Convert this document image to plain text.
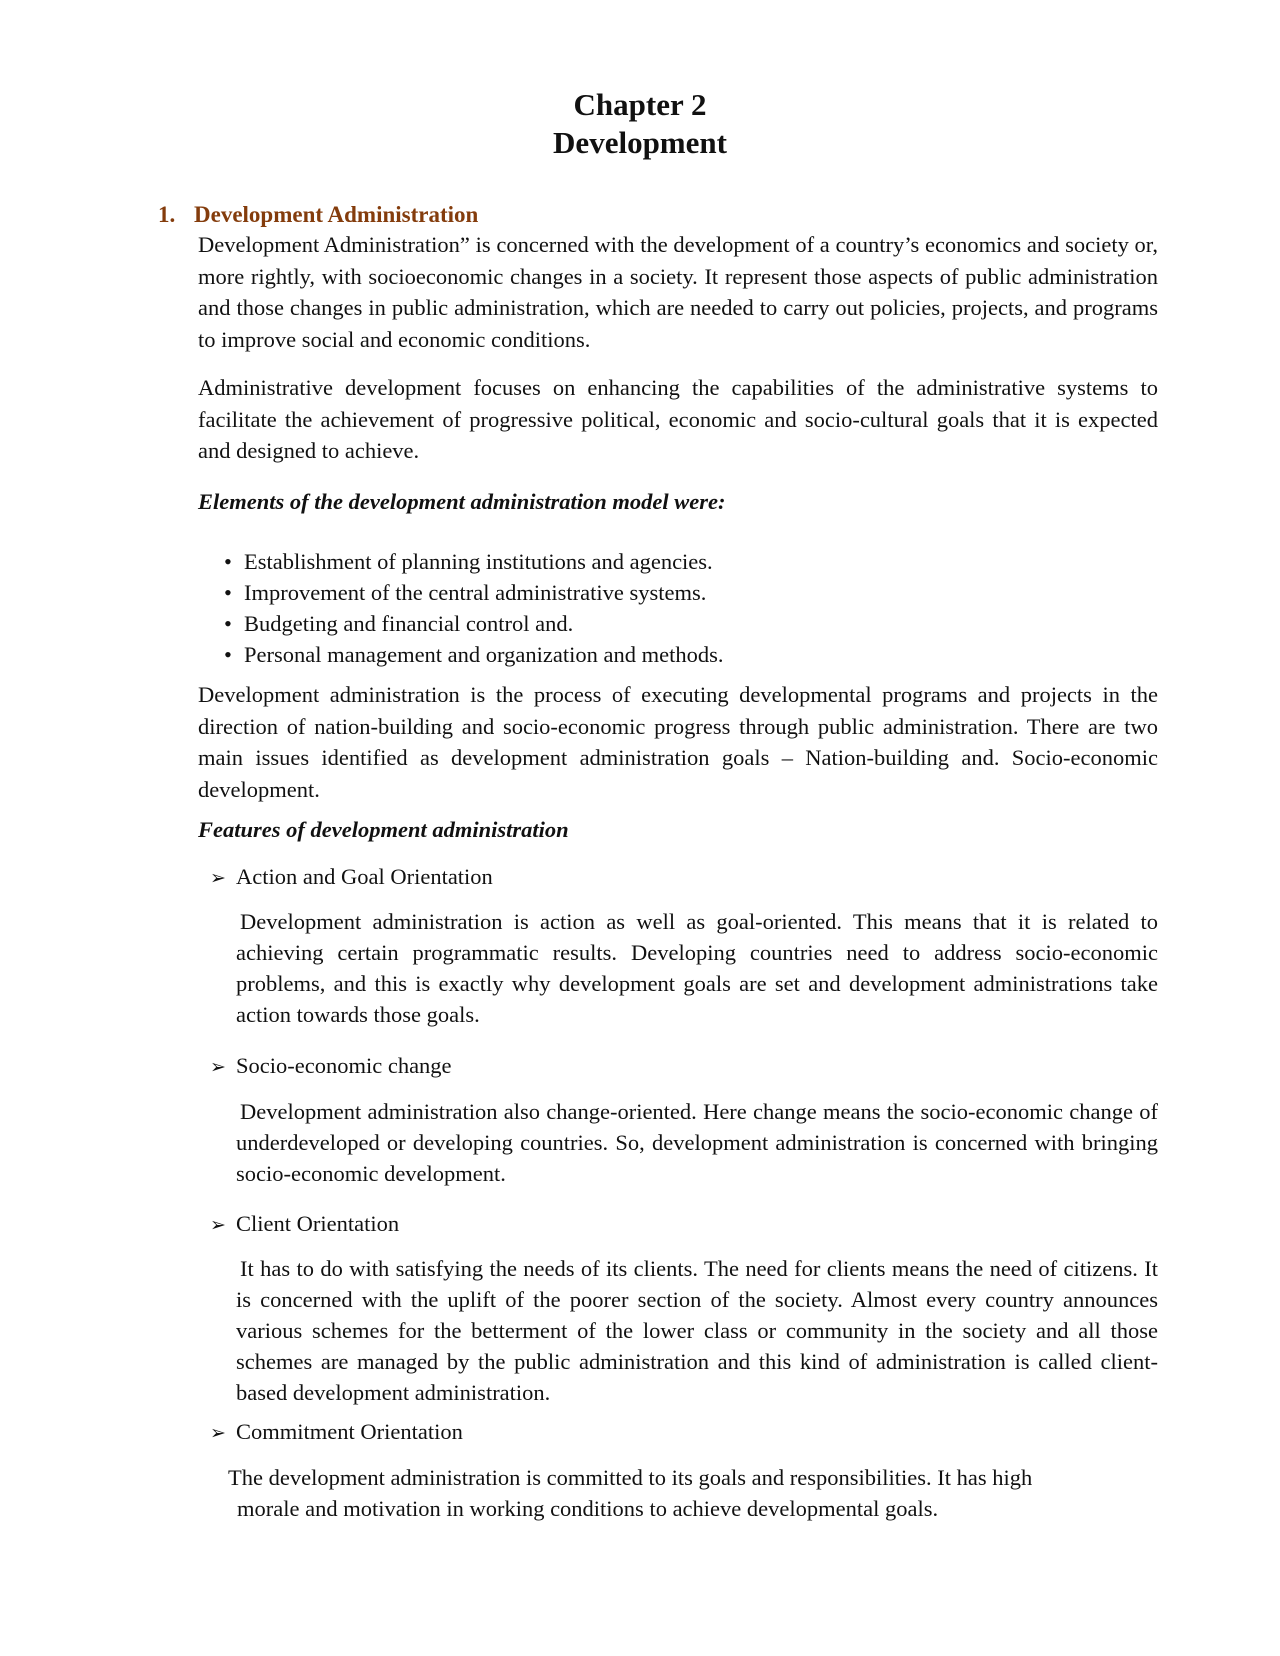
Chapter 2
Development
1. Development Administration
Development Administration” is concerned with the development of a country’s economics and society or, more rightly, with socioeconomic changes in a society. It represent those aspects of public administration and those changes in public administration, which are needed to carry out policies, projects, and programs to improve social and economic conditions.
Administrative development focuses on enhancing the capabilities of the administrative systems to facilitate the achievement of progressive political, economic and socio-cultural goals that it is expected and designed to achieve.
Elements of the development administration model were:
• Establishment of planning institutions and agencies.
• Improvement of the central administrative systems.
• Budgeting and financial control and.
• Personal management and organization and methods.
Development administration is the process of executing developmental programs and projects in the direction of nation-building and socio-economic progress through public administration. There are two main issues identified as development administration goals – Nation-building and. Socio-economic development.
Features of development administration
➢ Action and Goal Orientation
Development administration is action as well as goal-oriented. This means that it is related to achieving certain programmatic results. Developing countries need to address socio-economic problems, and this is exactly why development goals are set and development administrations take action towards those goals.
➢ Socio-economic change
Development administration also change-oriented. Here change means the socio-economic change of underdeveloped or developing countries. So, development administration is concerned with bringing socio-economic development.
➢ Client Orientation
It has to do with satisfying the needs of its clients. The need for clients means the need of citizens. It is concerned with the uplift of the poorer section of the society. Almost every country announces various schemes for the betterment of the lower class or community in the society and all those schemes are managed by the public administration and this kind of administration is called client-based development administration.
➢ Commitment Orientation
The development administration is committed to its goals and responsibilities. It has high
morale and motivation in working conditions to achieve developmental goals.
